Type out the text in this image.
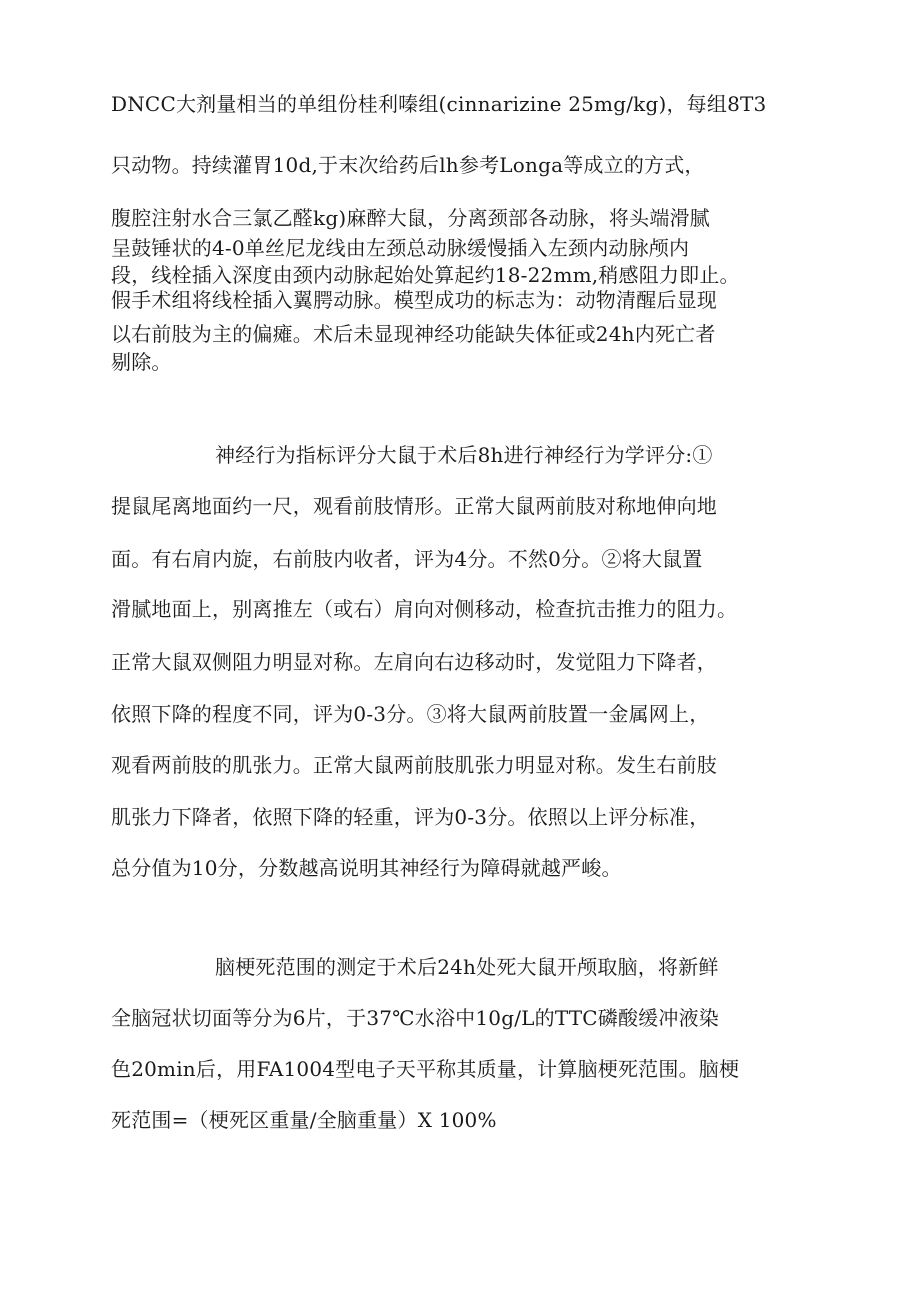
DNCC大剂量相当的单组份桂利嗪组(cinnarizine 25mg/kg)，每组8T3
只动物。持续灌胃10d,于末次给药后lh参考Longa等成立的方式，
腹腔注射水合三氯乙醛kg)麻醉大鼠，分离颈部各动脉，将头端滑腻
呈鼓锤状的4-0单丝尼龙线由左颈总动脉缓慢插入左颈内动脉颅内
段，线栓插入深度由颈内动脉起始处算起约18-22mm,稍感阻力即止。
假手术组将线栓插入翼腭动脉。模型成功的标志为：动物清醒后显现
以右前肢为主的偏瘫。术后未显现神经功能缺失体征或24h内死亡者
剔除。
神经行为指标评分大鼠于术后8h进行神经行为学评分:①
提鼠尾离地面约一尺，观看前肢情形。正常大鼠两前肢对称地伸向地
面。有右肩内旋，右前肢内收者，评为4分。不然0分。②将大鼠置
滑腻地面上，别离推左（或右）肩向对侧移动，检查抗击推力的阻力。
正常大鼠双侧阻力明显对称。左肩向右边移动时，发觉阻力下降者，
依照下降的程度不同，评为0-3分。③将大鼠两前肢置一金属网上，
观看两前肢的肌张力。正常大鼠两前肢肌张力明显对称。发生右前肢
肌张力下降者，依照下降的轻重，评为0-3分。依照以上评分标准，
总分值为10分，分数越高说明其神经行为障碍就越严峻。
脑梗死范围的测定于术后24h处死大鼠开颅取脑，将新鲜
全脑冠状切面等分为6片，于37℃水浴中10g/L的TTC磷酸缓冲液染
色20min后，用FA1004型电子天平称其质量，计算脑梗死范围。脑梗
死范围=（梗死区重量/全脑重量）X 100%
